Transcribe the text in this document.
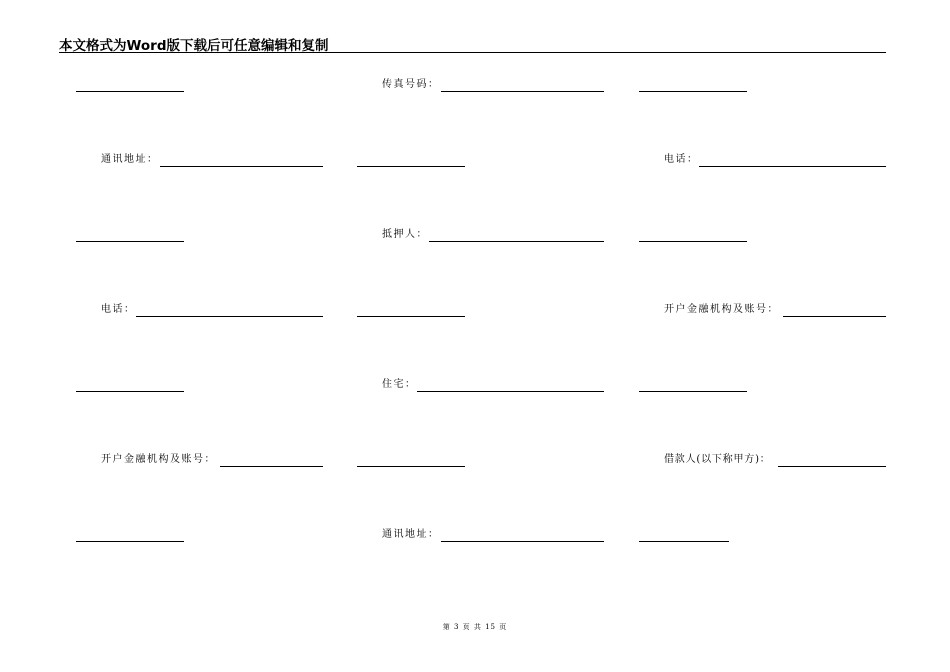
本文格式为Word版下载后可任意编辑和复制
传真号码：
通讯地址：	电话：
抵押人：
电话：	开户金融机构及账号：
住宅：
开户金融机构及账号：	借款人(以下称甲方)：
通讯地址：
第 3 页 共 15 页
